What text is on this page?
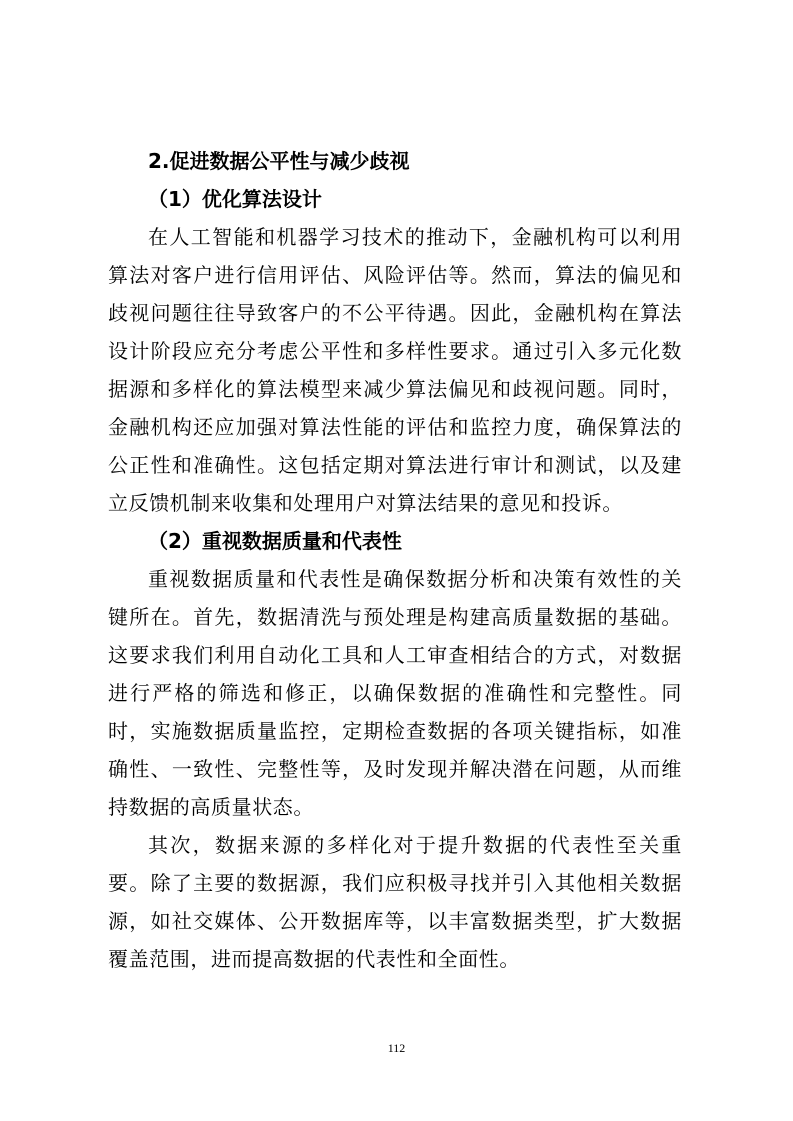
2.促进数据公平性与减少歧视
（1）优化算法设计

在人工智能和机器学习技术的推动下，金融机构可以利用算法对客户进行信用评估、风险评估等。然而，算法的偏见和歧视问题往往导致客户的不公平待遇。因此，金融机构在算法设计阶段应充分考虑公平性和多样性要求。通过引入多元化数据源和多样化的算法模型来减少算法偏见和歧视问题。同时，金融机构还应加强对算法性能的评估和监控力度，确保算法的公正性和准确性。这包括定期对算法进行审计和测试，以及建立反馈机制来收集和处理用户对算法结果的意见和投诉。

（2）重视数据质量和代表性

重视数据质量和代表性是确保数据分析和决策有效性的关键所在。首先，数据清洗与预处理是构建高质量数据的基础。这要求我们利用自动化工具和人工审查相结合的方式，对数据进行严格的筛选和修正，以确保数据的准确性和完整性。同时，实施数据质量监控，定期检查数据的各项关键指标，如准确性、一致性、完整性等，及时发现并解决潜在问题，从而维持数据的高质量状态。

其次，数据来源的多样化对于提升数据的代表性至关重要。除了主要的数据源，我们应积极寻找并引入其他相关数据源，如社交媒体、公开数据库等，以丰富数据类型，扩大数据覆盖范围，进而提高数据的代表性和全面性。

112
